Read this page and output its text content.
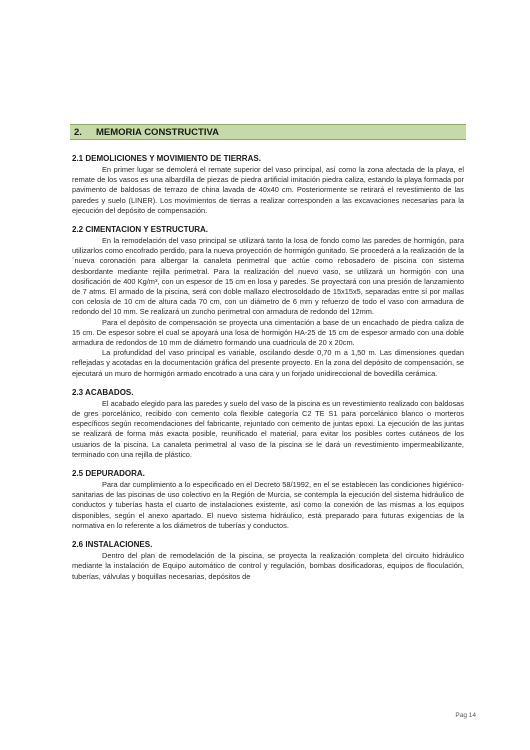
2. MEMORIA CONSTRUCTIVA
2.1 DEMOLICIONES Y MOVIMIENTO DE TIERRAS.

En primer lugar se demolerá el remate superior del vaso principal, así como la zona afectada de la playa, el remate de los vasos es una albardilla de piezas de piedra artificial imitación piedra caliza, estando la playa formada por pavimento de baldosas de terrazo de china lavada de 40x40 cm. Posteriormente se retirará el revestimiento de las paredes y suelo (LINER). Los movimientos de tierras a realizar corresponden a las excavaciones necesarias para la ejecución del depósito de compensación.

2.2 CIMENTACION Y ESTRUCTURA.

En la remodelación del vaso principal se utilizará tanto la losa de fondo como las paredes de hormigón, para utilizarlos como encofrado perdido, para la nueva proyección de hormigón gunitado. Se procederá a la realización de la ´nueva coronación para albergar la canaleta perimetral que actúe como rebosadero de piscina con sistema desbordante mediante rejilla perimetral. Para la realización del nuevo vaso, se utilizará un hormigón con una dosificación de 400 Kg/m³, con un espesor de 15 cm en losa y paredes. Se proyectará con una presión de lanzamiento de 7 atms. El armado de la piscina, será con doble mallazo electrosoldado de 15x15x5, separadas entre sí por mallas con celosía de 10 cm de altura cada 70 cm, con un diámetro de 6 mm y refuerzo de todo el vaso con armadura de redondo del 10 mm. Se realizará un zuncho perimetral con armadura de redondo del 12mm.

Para el depósito de compensación se proyecta una cimentación a base de un encachado de piedra caliza de 15 cm. De espesor sobre el cual se apoyará una losa de hormigón HA-25 de 15 cm de espesor armado con una doble armadura de redondos de 10 mm de diámetro formando una cuadricula de 20 x 20cm.

La profundidad del vaso principal es variable, oscilando desde 0,70 m a 1,50 m. Las dimensiones quedan reflejadas y acotadas en la documentación gráfica del presente proyecto. En la zona del depósito de compensación, se ejecutará un muro de hormigón armado encotrado a una cara y un forjado unidireccional de bovedilla cerámica.

2.3 ACABADOS.

El acabado elegido para las paredes y suelo del vaso de la piscina es un revestimiento realizado con baldosas de gres porcelánico, recibido con cemento cola flexible categoría C2 TE S1 para porcelánico blanco o morteros específicos según recomendaciones del fabricante, rejuntado con cemento de juntas epoxi. La ejecución de las juntas se realizará de forma más exacta posible, reunificado el material, para evitar los posibles cortes cutáneos de los usuarios de la piscina. La canaleta perimetral al vaso de la piscina se le dará un revestimiento impermeabilizante, terminado con una rejilla de plástico.

2.5 DEPURADORA.

Para dar cumplimiento a lo especificado en el Decreto 58/1992, en el se establecen las condiciones higiénico-sanitarias de las piscinas de uso colectivo en la Región de Murcia, se contempla la ejecución del sistema hidráulico de conductos y tuberías hasta el cuarto de instalaciones existente, así como la conexión de las mismas a los equipos disponibles, según el anexo apartado. El nuevo sistema hidráulico, está preparado para futuras exigencias de la normativa en lo referente a los diámetros de tuberías y conductos.

2.6 INSTALACIONES.

Dentro del plan de remodelación de la piscina, se proyecta la realización completa del circuito hidráulico mediante la instalación de Equipo automático de control y regulación, bombas dosificadoras, equipos de floculación, tuberías, válvulas y boquillas necesarias, depósitos de

Pag 14
